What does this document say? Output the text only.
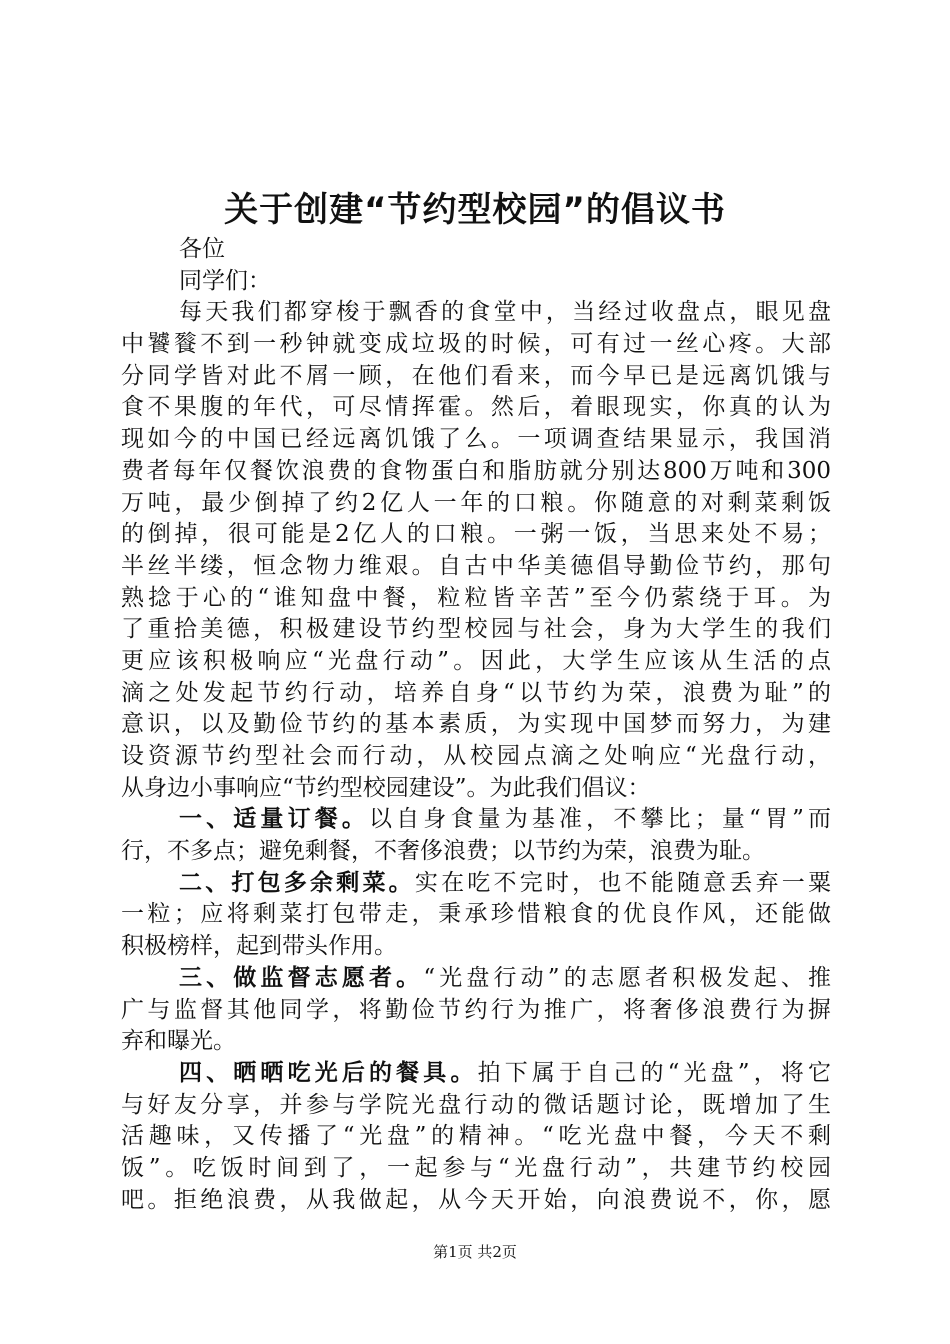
关于创建“节约型校园”的倡议书
各位
同学们：
每天我们都穿梭于飘香的食堂中，当经过收盘点，眼见盘
中饕餮不到一秒钟就变成垃圾的时候，可有过一丝心疼。大部
分同学皆对此不屑一顾，在他们看来，而今早已是远离饥饿与
食不果腹的年代，可尽情挥霍。然后，着眼现实，你真的认为
现如今的中国已经远离饥饿了么。一项调查结果显示，我国消
费者每年仅餐饮浪费的食物蛋白和脂肪就分别达800万吨和300
万吨，最少倒掉了约2亿人一年的口粮。你随意的对剩菜剩饭
的倒掉，很可能是2亿人的口粮。一粥一饭，当思来处不易；
半丝半缕，恒念物力维艰。自古中华美德倡导勤俭节约，那句
熟捻于心的“谁知盘中餐，粒粒皆辛苦”至今仍萦绕于耳。为
了重拾美德，积极建设节约型校园与社会，身为大学生的我们
更应该积极响应“光盘行动”。因此，大学生应该从生活的点
滴之处发起节约行动，培养自身“以节约为荣，浪费为耻”的
意识，以及勤俭节约的基本素质，为实现中国梦而努力，为建
设资源节约型社会而行动，从校园点滴之处响应“光盘行动，
从身边小事响应“节约型校园建设”。为此我们倡议：
一、适量订餐。以自身食量为基准，不攀比；量“胃”而
行，不多点；避免剩餐，不奢侈浪费；以节约为荣，浪费为耻。
二、打包多余剩菜。实在吃不完时，也不能随意丢弃一粟
一粒；应将剩菜打包带走，秉承珍惜粮食的优良作风，还能做
积极榜样，起到带头作用。
三、做监督志愿者。“光盘行动”的志愿者积极发起、推
广与监督其他同学，将勤俭节约行为推广，将奢侈浪费行为摒
弃和曝光。
四、晒晒吃光后的餐具。拍下属于自己的“光盘”，将它
与好友分享，并参与学院光盘行动的微话题讨论，既增加了生
活趣味，又传播了“光盘”的精神。“吃光盘中餐，今天不剩
饭”。吃饭时间到了，一起参与“光盘行动”，共建节约校园
吧。拒绝浪费，从我做起，从今天开始，向浪费说不，你，愿
第1页 共2页
